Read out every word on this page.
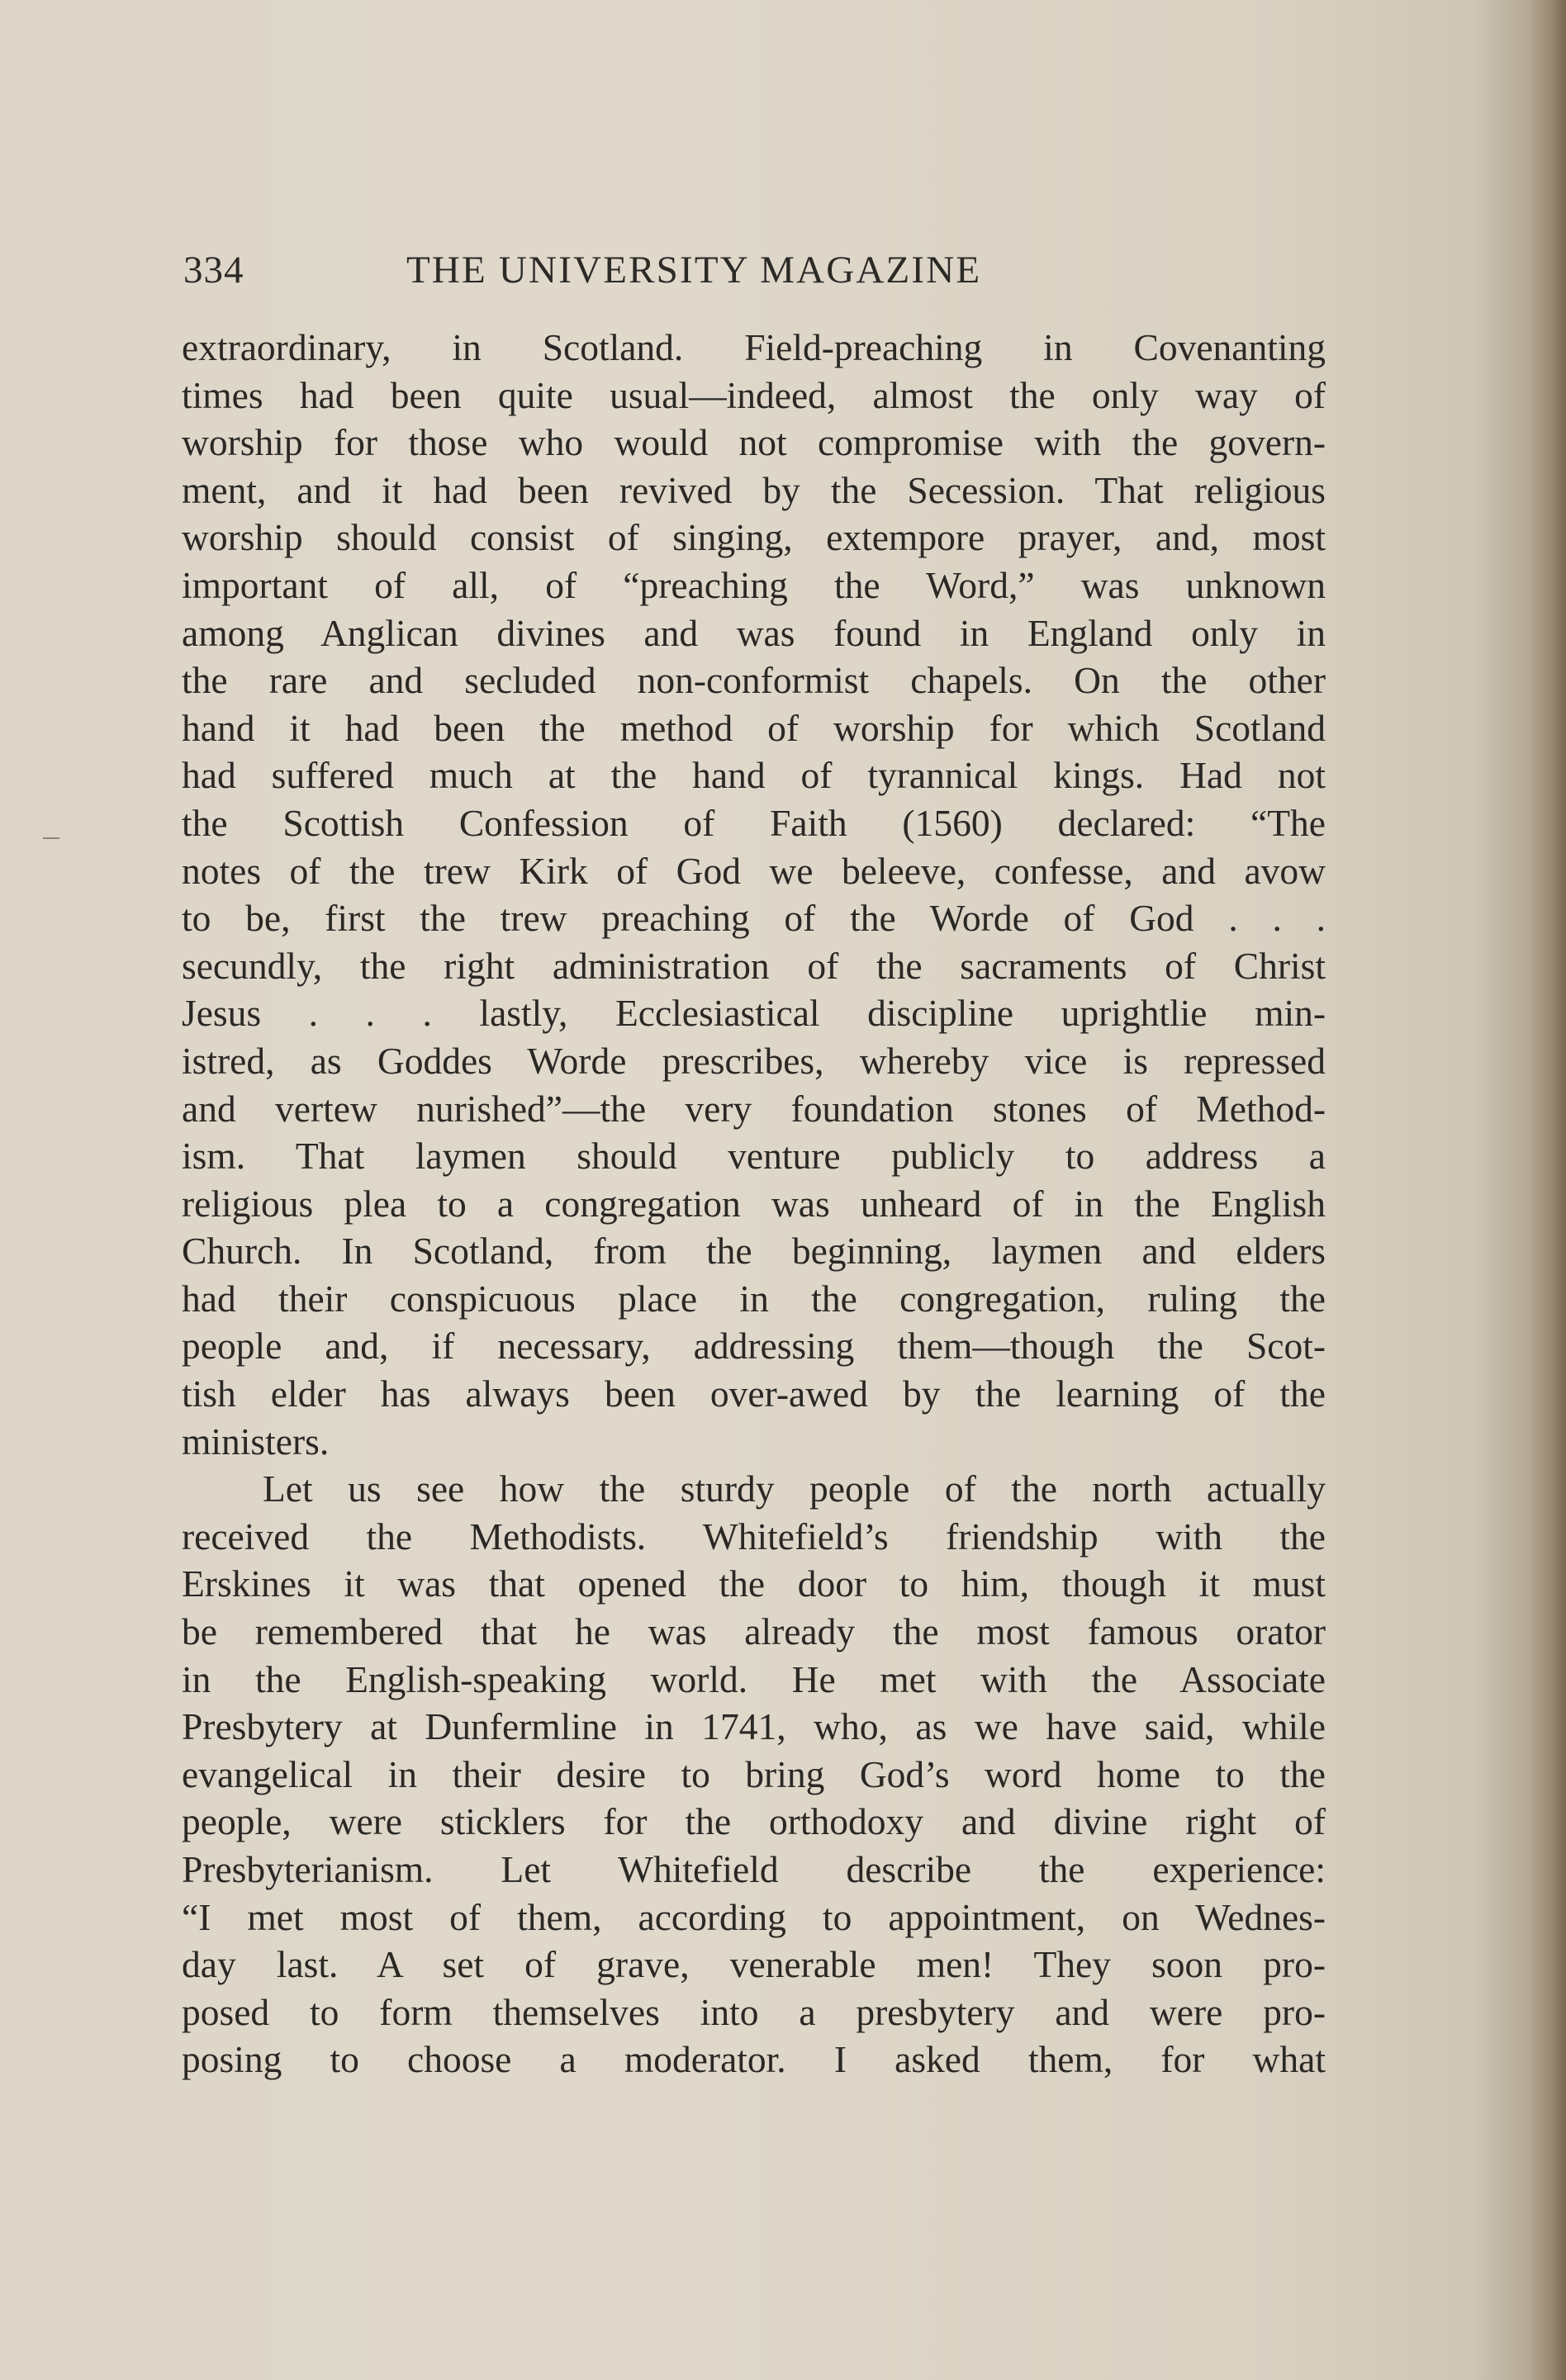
334	THE UNIVERSITY MAGAZINE
extraordinary, in Scotland. Field-preaching in Covenanting
times had been quite usual—indeed, almost the only way of
worship for those who would not compromise with the govern-
ment, and it had been revived by the Secession. That religious
worship should consist of singing, extempore prayer, and, most
important of all, of “preaching the Word,” was unknown
among Anglican divines and was found in England only in
the rare and secluded non-conformist chapels. On the other
hand it had been the method of worship for which Scotland
had suffered much at the hand of tyrannical kings. Had not
the Scottish Confession of Faith (1560) declared: “The
notes of the trew Kirk of God we beleeve, confesse, and avow
to be, first the trew preaching of the Worde of God . . .
secundly, the right administration of the sacraments of Christ
Jesus . . . lastly, Ecclesiastical discipline uprightlie min-
istred, as Goddes Worde prescribes, whereby vice is repressed
and vertew nurished”—the very foundation stones of Method-
ism. That laymen should venture publicly to address a
religious plea to a congregation was unheard of in the English
Church. In Scotland, from the beginning, laymen and elders
had their conspicuous place in the congregation, ruling the
people and, if necessary, addressing them—though the Scot-
tish elder has always been over-awed by the learning of the
ministers.
Let us see how the sturdy people of the north actually
received the Methodists. Whitefield’s friendship with the
Erskines it was that opened the door to him, though it must
be remembered that he was already the most famous orator
in the English-speaking world. He met with the Associate
Presbytery at Dunfermline in 1741, who, as we have said, while
evangelical in their desire to bring God’s word home to the
people, were sticklers for the orthodoxy and divine right of
Presbyterianism. Let Whitefield describe the experience:
“I met most of them, according to appointment, on Wednes-
day last. A set of grave, venerable men! They soon pro-
posed to form themselves into a presbytery and were pro-
posing to choose a moderator. I asked them, for what
